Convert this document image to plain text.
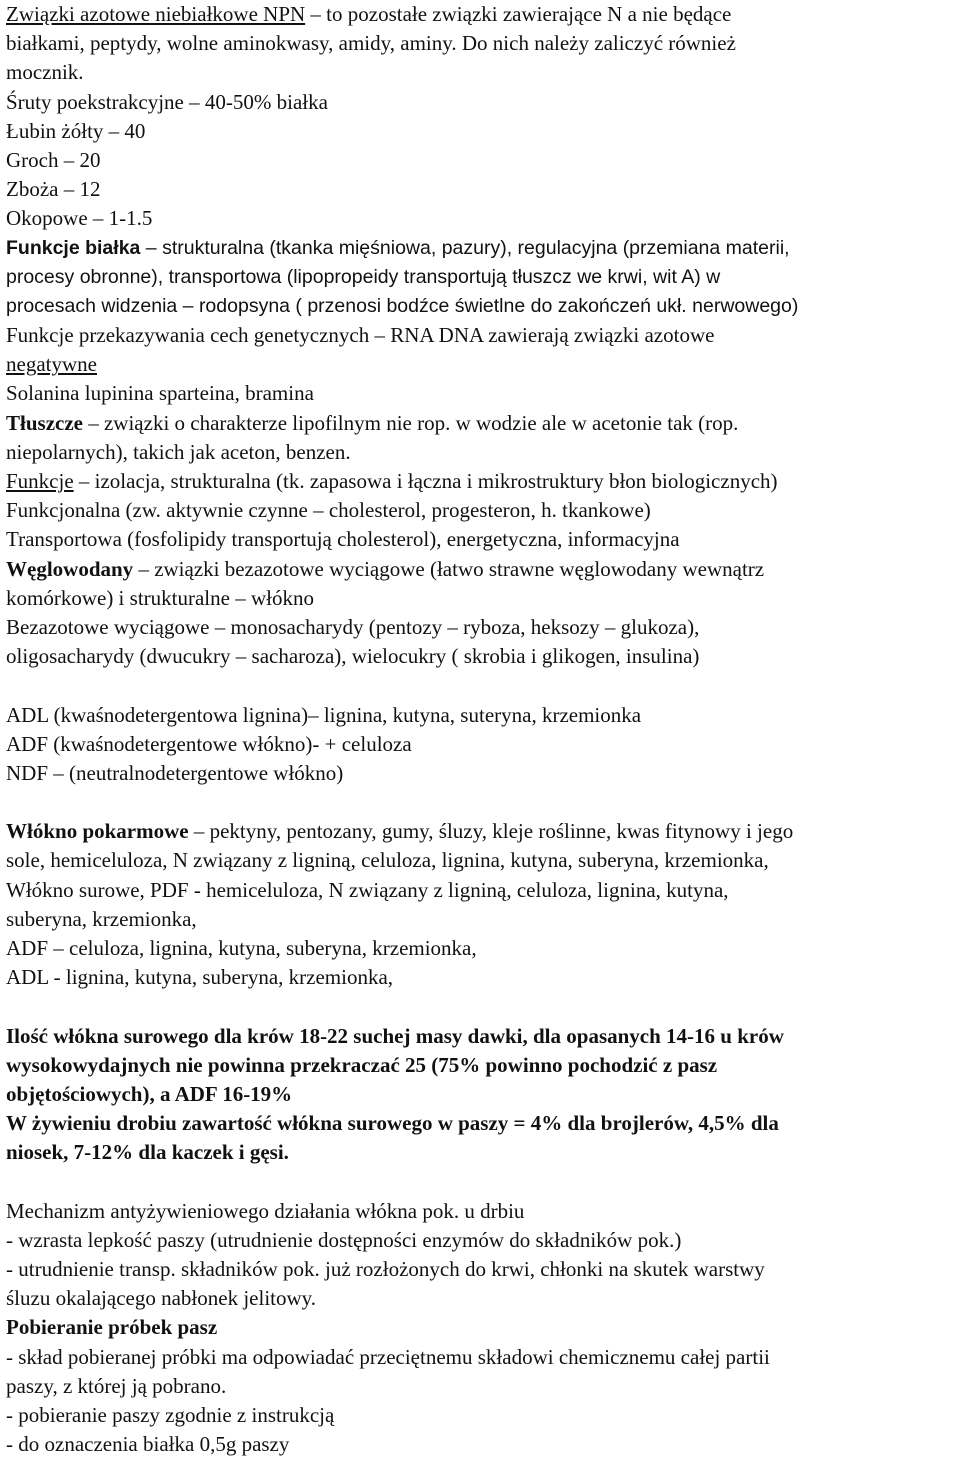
Związki azotowe niebiałkowe NPN – to pozostałe związki zawierające N a nie będące
białkami, peptydy, wolne aminokwasy, amidy, aminy. Do nich należy zaliczyć również
mocznik.
Śruty poekstrakcyjne – 40-50% białka
Łubin żółty – 40
Groch – 20
Zboża – 12
Okopowe – 1-1.5
Funkcje białka – strukturalna (tkanka mięśniowa, pazury), regulacyjna (przemiana materii,
procesy obronne), transportowa (lipopropeidy transportują tłuszcz we krwi, wit A) w
procesach widzenia – rodopsyna ( przenosi bodźce świetlne do zakończeń ukł. nerwowego)
Funkcje przekazywania cech genetycznych – RNA DNA zawierają związki azotowe
negatywne
Solanina lupinina sparteina, bramina
Tłuszcze – związki o charakterze lipofilnym nie rop. w wodzie ale w acetonie tak (rop.
niepolarnych), takich jak aceton, benzen.
Funkcje – izolacja, strukturalna (tk. zapasowa i łączna i mikrostruktury błon biologicznych)
Funkcjonalna (zw. aktywnie czynne – cholesterol, progesteron, h. tkankowe)
Transportowa (fosfolipidy transportują cholesterol), energetyczna, informacyjna
Węglowodany – związki bezazotowe wyciągowe (łatwo strawne węglowodany wewnątrz
komórkowe) i strukturalne – włókno
Bezazotowe wyciągowe – monosacharydy (pentozy – ryboza, heksozy – glukoza),
oligosacharydy (dwucukry – sacharoza), wielocukry ( skrobia i glikogen, insulina)
ADL (kwaśnodetergentowa lignina)– lignina, kutyna, suteryna, krzemionka
ADF (kwaśnodetergentowe włókno)- + celuloza
NDF – (neutralnodetergentowe włókno)
Włókno pokarmowe – pektyny, pentozany, gumy, śluzy, kleje roślinne, kwas fitynowy i jego
sole, hemiceluloza, N związany z ligniną, celuloza, lignina, kutyna, suberyna, krzemionka,
Włókno surowe, PDF - hemiceluloza, N związany z ligniną, celuloza, lignina, kutyna,
suberyna, krzemionka,
ADF – celuloza, lignina, kutyna, suberyna, krzemionka,
ADL - lignina, kutyna, suberyna, krzemionka,
Ilość włókna surowego dla krów 18-22 suchej masy dawki, dla opasanych 14-16 u krów
wysokowydajnych nie powinna przekraczać 25 (75% powinno pochodzić z pasz
objętościowych), a ADF 16-19%
W żywieniu drobiu zawartość włókna surowego w paszy = 4% dla brojlerów, 4,5% dla
niosek, 7-12% dla kaczek i gęsi.
Mechanizm antyżywieniowego działania włókna pok. u drbiu
- wzrasta lepkość paszy (utrudnienie dostępności enzymów do składników pok.)
- utrudnienie transp. składników pok. już rozłożonych do krwi, chłonki na skutek warstwy
śluzu okalającego nabłonek jelitowy.
Pobieranie próbek pasz
- skład pobieranej próbki ma odpowiadać przeciętnemu składowi chemicznemu całej partii
paszy, z której ją pobrano.
- pobieranie paszy zgodnie z instrukcją
- do oznaczenia białka 0,5g paszy
